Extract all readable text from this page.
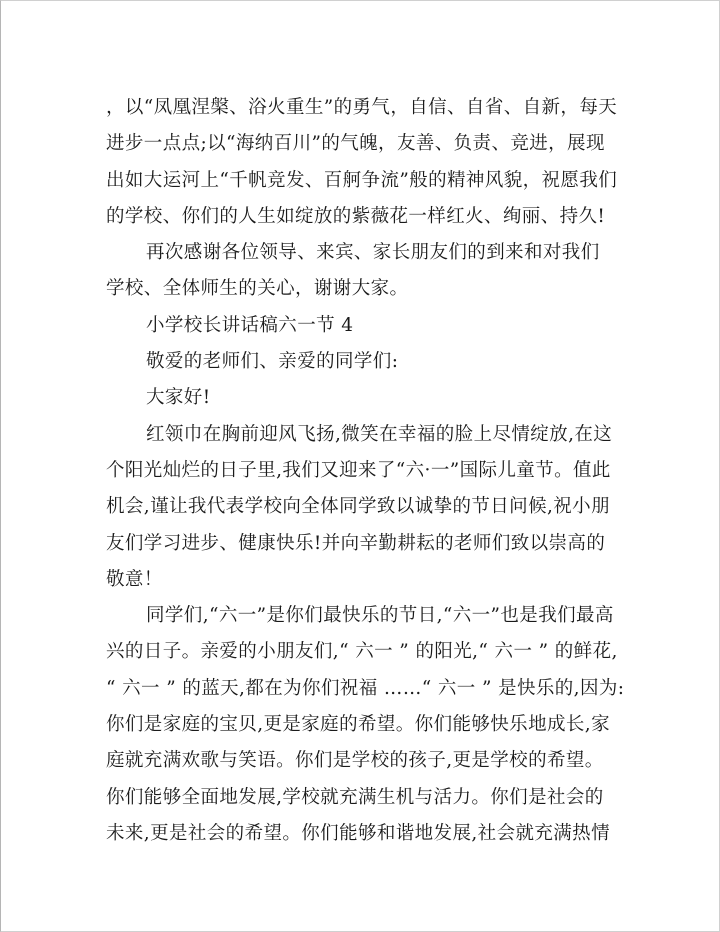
，以“凤凰涅槃、浴火重生”的勇气，自信、自省、自新，每天
进步一点点;以“海纳百川”的气魄，友善、负责、竞进，展现
出如大运河上“千帆竞发、百舸争流”般的精神风貌，祝愿我们
的学校、你们的人生如绽放的紫薇花一样红火、绚丽、持久!
再次感谢各位领导、来宾、家长朋友们的到来和对我们
学校、全体师生的关心，谢谢大家。
小学校长讲话稿六一节 4
敬爱的老师们、亲爱的同学们:
大家好!
红领巾在胸前迎风飞扬,微笑在幸福的脸上尽情绽放,在这
个阳光灿烂的日子里,我们又迎来了“六·一”国际儿童节。值此
机会,谨让我代表学校向全体同学致以诚挚的节日问候,祝小朋
友们学习进步、健康快乐!并向辛勤耕耘的老师们致以崇高的
敬意！
同学们,“六一”是你们最快乐的节日,“六一”也是我们最高
兴的日子。亲爱的小朋友们,“ 六一 ” 的阳光,“ 六一 ” 的鲜花,
“ 六一 ” 的蓝天,都在为你们祝福 ……“ 六一 ” 是快乐的,因为:
你们是家庭的宝贝,更是家庭的希望。你们能够快乐地成长,家
庭就充满欢歌与笑语。你们是学校的孩子,更是学校的希望。
你们能够全面地发展,学校就充满生机与活力。你们是社会的
未来,更是社会的希望。你们能够和谐地发展,社会就充满热情
